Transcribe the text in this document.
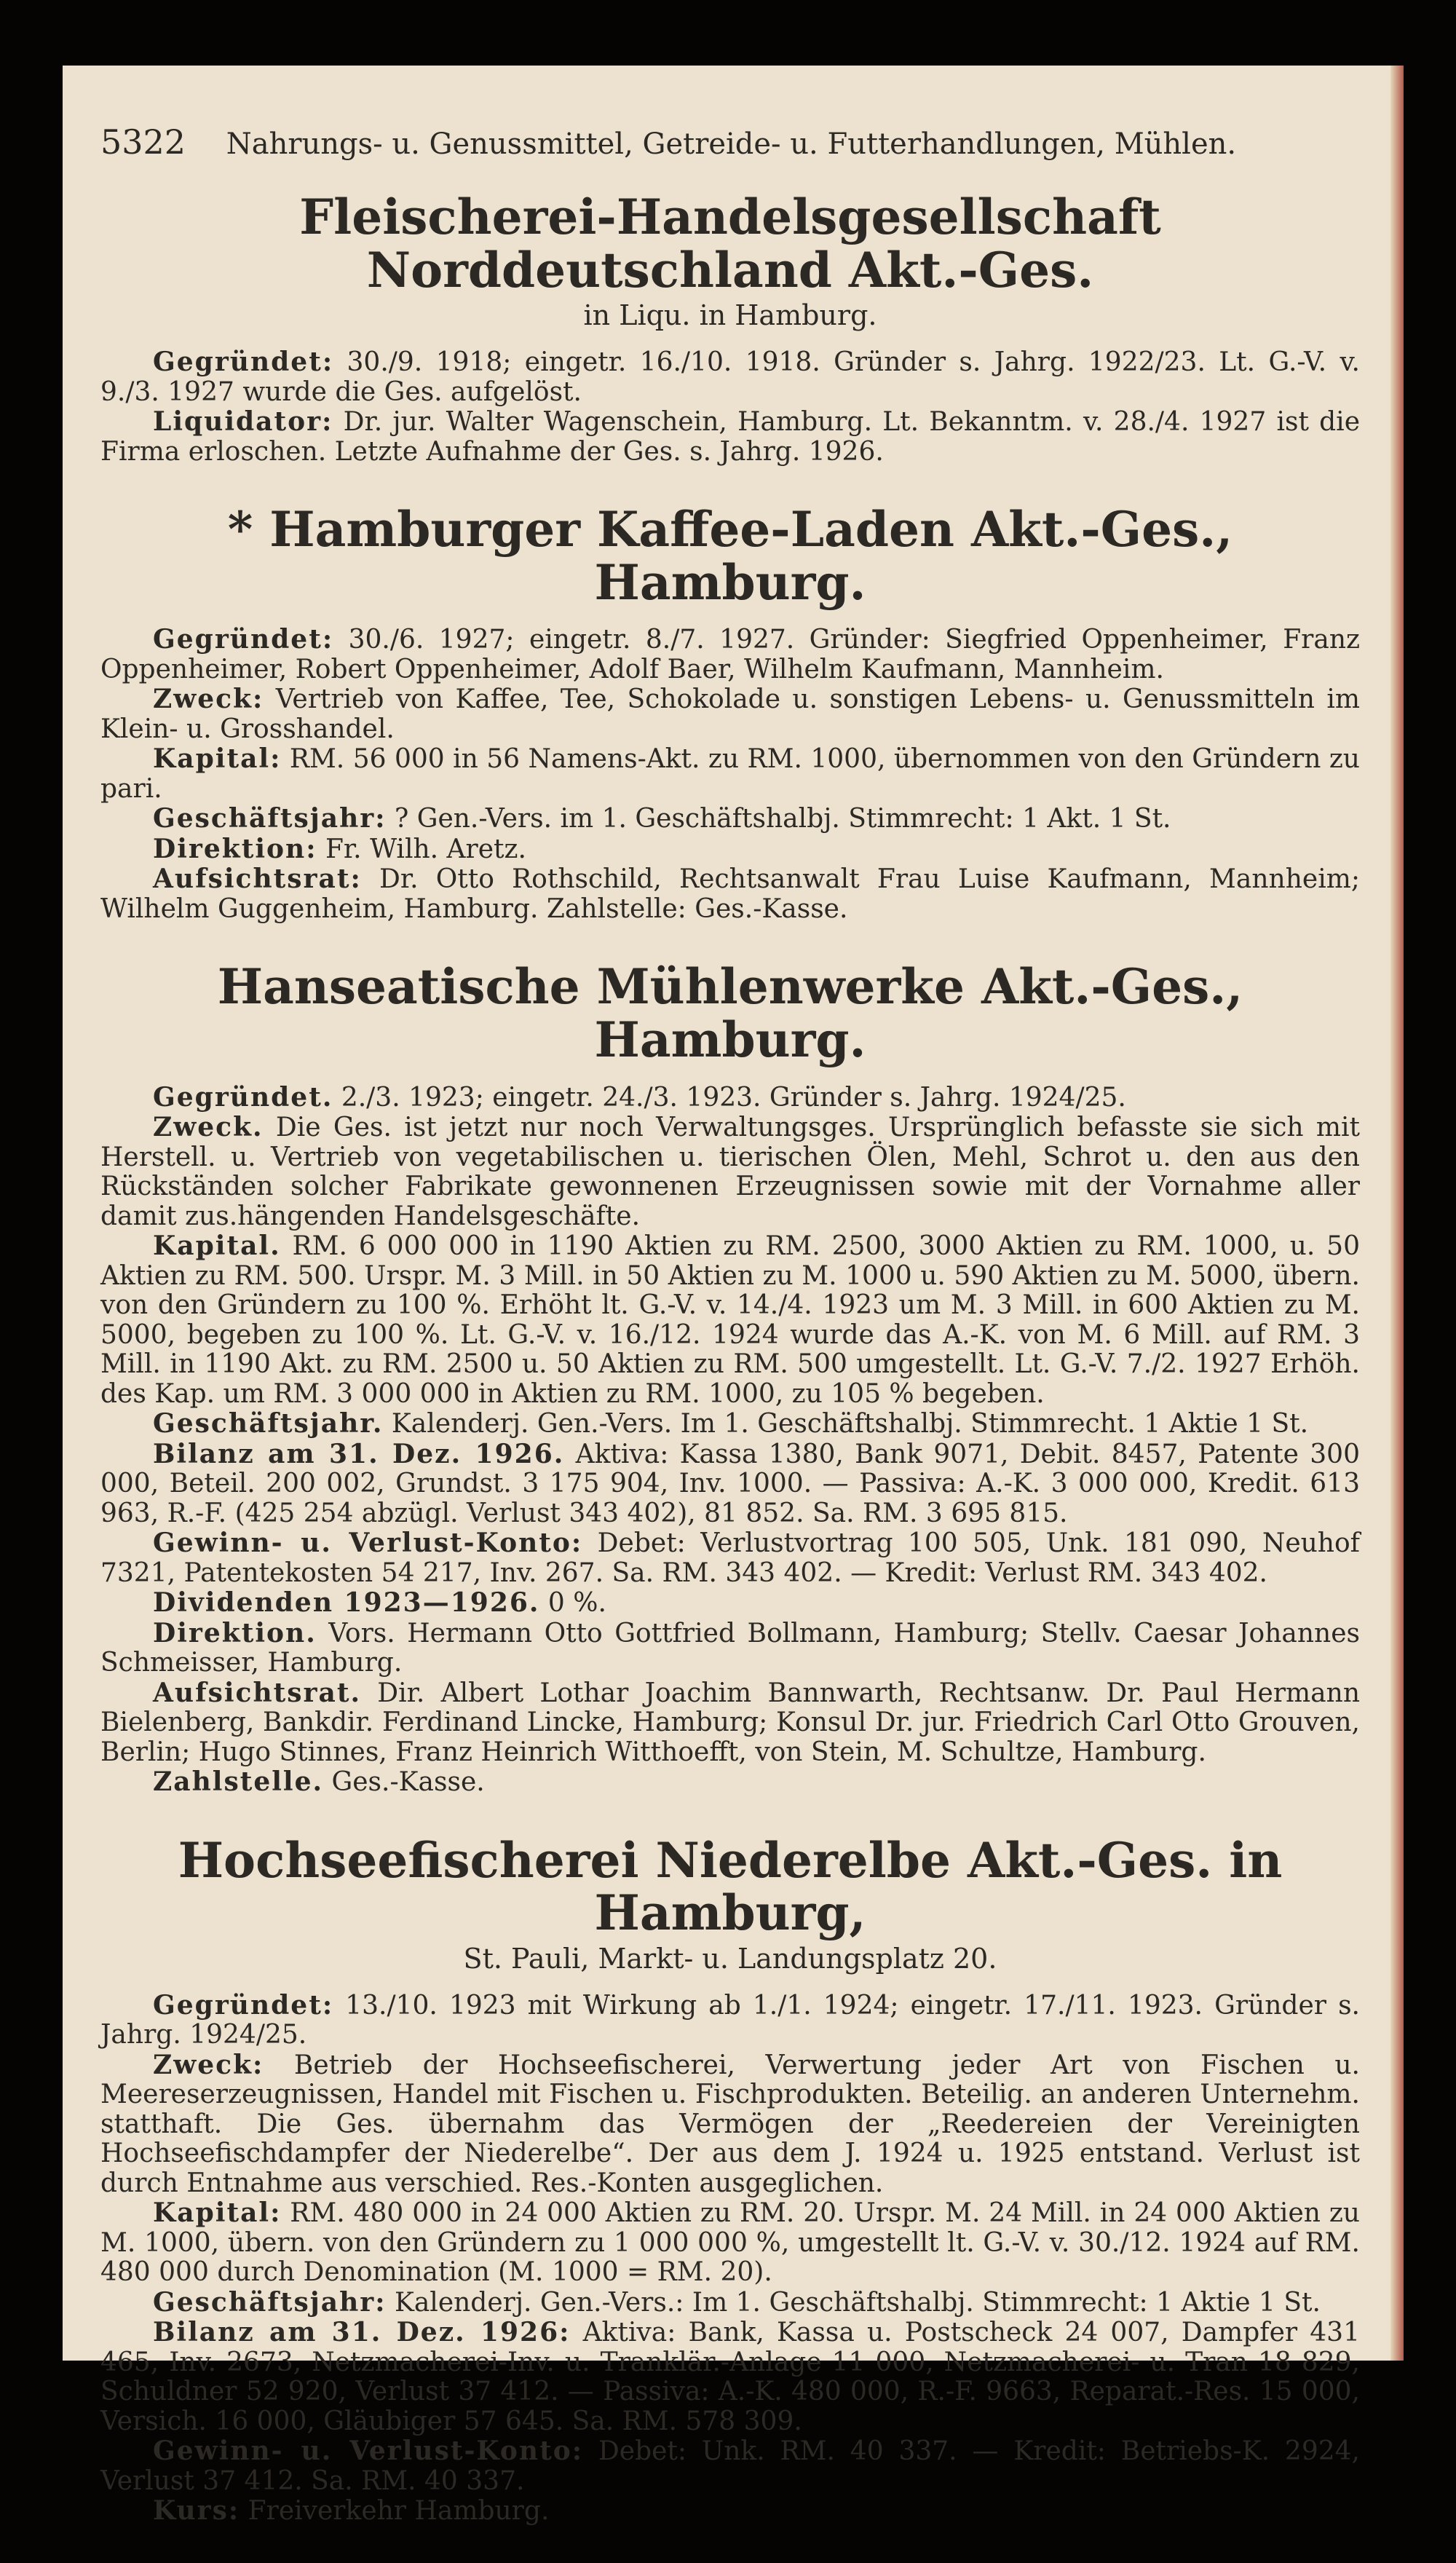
5322 Nahrungs- u. Genussmittel, Getreide- u. Futterhandlungen, Mühlen.
Fleischerei-Handelsgesellschaft Norddeutschland Akt.-Ges.
in Liqu. in Hamburg.

Gegründet: 30./9. 1918; eingetr. 16./10. 1918. Gründer s. Jahrg. 1922/23. Lt. G.-V. v. 9./3. 1927 wurde die Ges. aufgelöst.

Liquidator: Dr. jur. Walter Wagenschein, Hamburg. Lt. Bekanntm. v. 28./4. 1927 ist die Firma erloschen. Letzte Aufnahme der Ges. s. Jahrg. 1926.

* Hamburger Kaffee-Laden Akt.-Ges., Hamburg.

Gegründet: 30./6. 1927; eingetr. 8./7. 1927. Gründer: Siegfried Oppenheimer, Franz Oppenheimer, Robert Oppenheimer, Adolf Baer, Wilhelm Kaufmann, Mannheim.

Zweck: Vertrieb von Kaffee, Tee, Schokolade u. sonstigen Lebens- u. Genussmitteln im Klein- u. Grosshandel.

Kapital: RM. 56 000 in 56 Namens-Akt. zu RM. 1000, übernommen von den Gründern zu pari.

Geschäftsjahr: ? Gen.-Vers. im 1. Geschäftshalbj. Stimmrecht: 1 Akt. 1 St.

Direktion: Fr. Wilh. Aretz.

Aufsichtsrat: Dr. Otto Rothschild, Rechtsanwalt Frau Luise Kaufmann, Mannheim; Wilhelm Guggenheim, Hamburg. Zahlstelle: Ges.-Kasse.

Hanseatische Mühlenwerke Akt.-Ges., Hamburg.

Gegründet. 2./3. 1923; eingetr. 24./3. 1923. Gründer s. Jahrg. 1924/25.

Zweck. Die Ges. ist jetzt nur noch Verwaltungsges. Ursprünglich befasste sie sich mit Herstell. u. Vertrieb von vegetabilischen u. tierischen Ölen, Mehl, Schrot u. den aus den Rückständen solcher Fabrikate gewonnenen Erzeugnissen sowie mit der Vornahme aller damit zus.hängenden Handelsgeschäfte.

Kapital. RM. 6 000 000 in 1190 Aktien zu RM. 2500, 3000 Aktien zu RM. 1000, u. 50 Aktien zu RM. 500. Urspr. M. 3 Mill. in 50 Aktien zu M. 1000 u. 590 Aktien zu M. 5000, übern. von den Gründern zu 100 %. Erhöht lt. G.-V. v. 14./4. 1923 um M. 3 Mill. in 600 Aktien zu M. 5000, begeben zu 100 %. Lt. G.-V. v. 16./12. 1924 wurde das A.-K. von M. 6 Mill. auf RM. 3 Mill. in 1190 Akt. zu RM. 2500 u. 50 Aktien zu RM. 500 umgestellt. Lt. G.-V. 7./2. 1927 Erhöh. des Kap. um RM. 3 000 000 in Aktien zu RM. 1000, zu 105 % begeben.

Geschäftsjahr. Kalenderj. Gen.-Vers. Im 1. Geschäftshalbj. Stimmrecht. 1 Aktie 1 St.

Bilanz am 31. Dez. 1926. Aktiva: Kassa 1380, Bank 9071, Debit. 8457, Patente 300 000, Beteil. 200 002, Grundst. 3 175 904, Inv. 1000. — Passiva: A.-K. 3 000 000, Kredit. 613 963, R.-F. (425 254 abzügl. Verlust 343 402), 81 852. Sa. RM. 3 695 815.

Gewinn- u. Verlust-Konto: Debet: Verlustvortrag 100 505, Unk. 181 090, Neuhof 7321, Patentekosten 54 217, Inv. 267. Sa. RM. 343 402. — Kredit: Verlust RM. 343 402.

Dividenden 1923—1926. 0 %.

Direktion. Vors. Hermann Otto Gottfried Bollmann, Hamburg; Stellv. Caesar Johannes Schmeisser, Hamburg.

Aufsichtsrat. Dir. Albert Lothar Joachim Bannwarth, Rechtsanw. Dr. Paul Hermann Bielenberg, Bankdir. Ferdinand Lincke, Hamburg; Konsul Dr. jur. Friedrich Carl Otto Grouven, Berlin; Hugo Stinnes, Franz Heinrich Witthoefft, von Stein, M. Schultze, Hamburg.

Zahlstelle. Ges.-Kasse.

Hochseefischerei Niederelbe Akt.-Ges. in Hamburg,
St. Pauli, Markt- u. Landungsplatz 20.

Gegründet: 13./10. 1923 mit Wirkung ab 1./1. 1924; eingetr. 17./11. 1923. Gründer s. Jahrg. 1924/25.

Zweck: Betrieb der Hochseefischerei, Verwertung jeder Art von Fischen u. Meereserzeugnissen, Handel mit Fischen u. Fischprodukten. Beteilig. an anderen Unternehm. statthaft. Die Ges. übernahm das Vermögen der „Reedereien der Vereinigten Hochseefischdampfer der Niederelbe“. Der aus dem J. 1924 u. 1925 entstand. Verlust ist durch Entnahme aus verschied. Res.-Konten ausgeglichen.

Kapital: RM. 480 000 in 24 000 Aktien zu RM. 20. Urspr. M. 24 Mill. in 24 000 Aktien zu M. 1000, übern. von den Gründern zu 1 000 000 %, umgestellt lt. G.-V. v. 30./12. 1924 auf RM. 480 000 durch Denomination (M. 1000 = RM. 20).

Geschäftsjahr: Kalenderj. Gen.-Vers.: Im 1. Geschäftshalbj. Stimmrecht: 1 Aktie 1 St.

Bilanz am 31. Dez. 1926: Aktiva: Bank, Kassa u. Postscheck 24 007, Dampfer 431 465, Inv. 2673, Netzmacherei-Inv. u. Tranklär.-Anlage 11 000, Netzmacherei- u. Tran 18 829, Schuldner 52 920, Verlust 37 412. — Passiva: A.-K. 480 000, R.-F. 9663, Reparat.-Res. 15 000, Versich. 16 000, Gläubiger 57 645. Sa. RM. 578 309.

Gewinn- u. Verlust-Konto: Debet: Unk. RM. 40 337. — Kredit: Betriebs-K. 2924, Verlust 37 412. Sa. RM. 40 337.

Kurs: Freiverkehr Hamburg.
